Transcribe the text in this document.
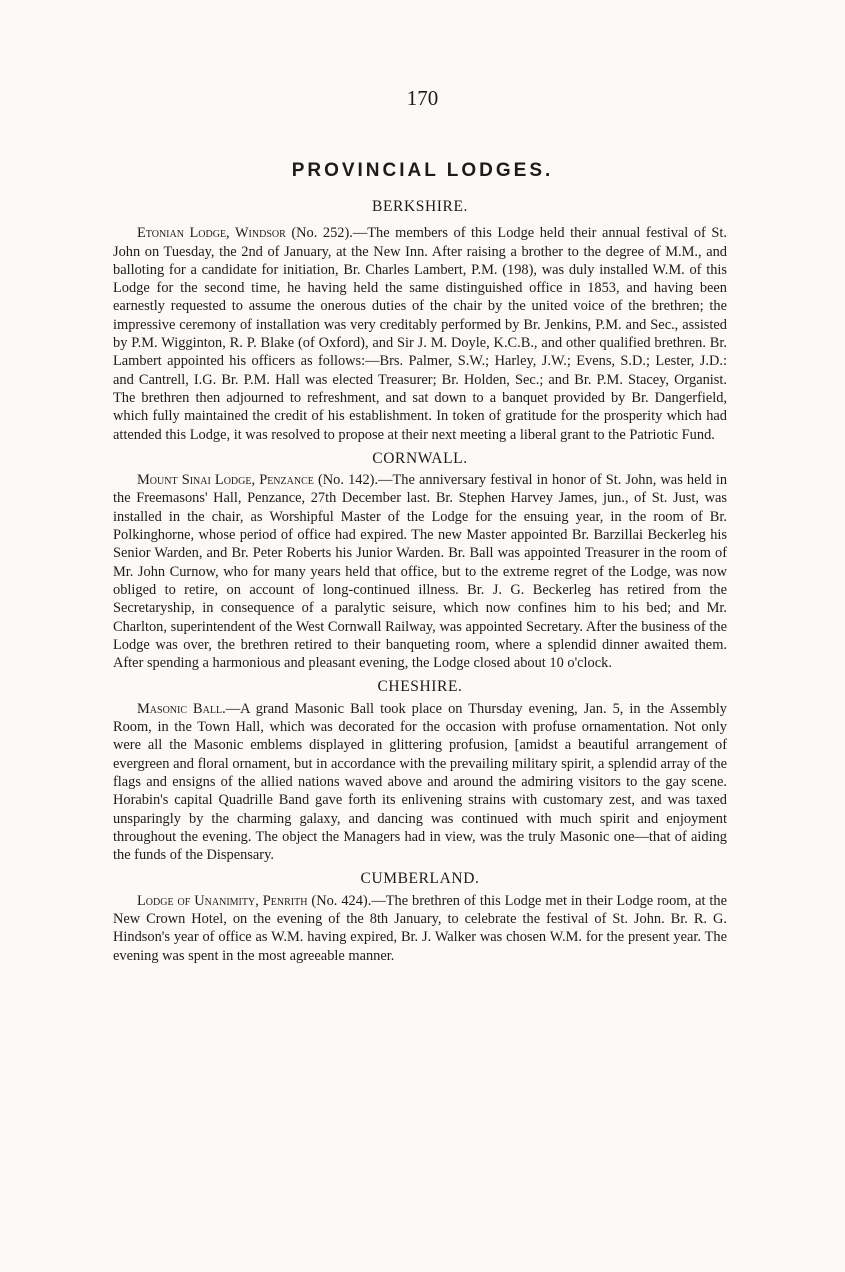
170
PROVINCIAL LODGES.
BERKSHIRE.

Etonian Lodge, Windsor (No. 252).—The members of this Lodge held their annual festival of St. John on Tuesday, the 2nd of January, at the New Inn. After raising a brother to the degree of M.M., and balloting for a candidate for initiation, Br. Charles Lambert, P.M. (198), was duly installed W.M. of this Lodge for the second time, he having held the same distinguished office in 1853, and having been earnestly requested to assume the onerous duties of the chair by the united voice of the brethren; the impressive ceremony of installation was very creditably performed by Br. Jenkins, P.M. and Sec., assisted by P.M. Wigginton, R. P. Blake (of Oxford), and Sir J. M. Doyle, K.C.B., and other qualified brethren. Br. Lambert appointed his officers as follows:—Brs. Palmer, S.W.; Harley, J.W.; Evens, S.D.; Lester, J.D.: and Cantrell, I.G. Br. P.M. Hall was elected Treasurer; Br. Holden, Sec.; and Br. P.M. Stacey, Organist. The brethren then adjourned to refreshment, and sat down to a banquet provided by Br. Dangerfield, which fully maintained the credit of his establishment. In token of gratitude for the prosperity which had attended this Lodge, it was resolved to propose at their next meeting a liberal grant to the Patriotic Fund.

CORNWALL.

Mount Sinai Lodge, Penzance (No. 142).—The anniversary festival in honor of St. John, was held in the Freemasons' Hall, Penzance, 27th December last. Br. Stephen Harvey James, jun., of St. Just, was installed in the chair, as Worshipful Master of the Lodge for the ensuing year, in the room of Br. Polkinghorne, whose period of office had expired. The new Master appointed Br. Barzillai Beckerleg his Senior Warden, and Br. Peter Roberts his Junior Warden. Br. Ball was appointed Treasurer in the room of Mr. John Curnow, who for many years held that office, but to the extreme regret of the Lodge, was now obliged to retire, on account of long-continued illness. Br. J. G. Beckerleg has retired from the Secretaryship, in consequence of a paralytic seisure, which now confines him to his bed; and Mr. Charlton, superintendent of the West Cornwall Railway, was appointed Secretary. After the business of the Lodge was over, the brethren retired to their banqueting room, where a splendid dinner awaited them. After spending a harmonious and pleasant evening, the Lodge closed about 10 o'clock.

CHESHIRE.

Masonic Ball.—A grand Masonic Ball took place on Thursday evening, Jan. 5, in the Assembly Room, in the Town Hall, which was decorated for the occasion with profuse ornamentation. Not only were all the Masonic emblems displayed in glittering profusion, [amidst a beautiful arrangement of evergreen and floral ornament, but in accordance with the prevailing military spirit, a splendid array of the flags and ensigns of the allied nations waved above and around the admiring visitors to the gay scene. Horabin's capital Quadrille Band gave forth its enlivening strains with customary zest, and was taxed unsparingly by the charming galaxy, and dancing was continued with much spirit and enjoyment throughout the evening. The object the Managers had in view, was the truly Masonic one—that of aiding the funds of the Dispensary.

CUMBERLAND.

Lodge of Unanimity, Penrith (No. 424).—The brethren of this Lodge met in their Lodge room, at the New Crown Hotel, on the evening of the 8th January, to celebrate the festival of St. John. Br. R. G. Hindson's year of office as W.M. having expired, Br. J. Walker was chosen W.M. for the present year. The evening was spent in the most agreeable manner.
